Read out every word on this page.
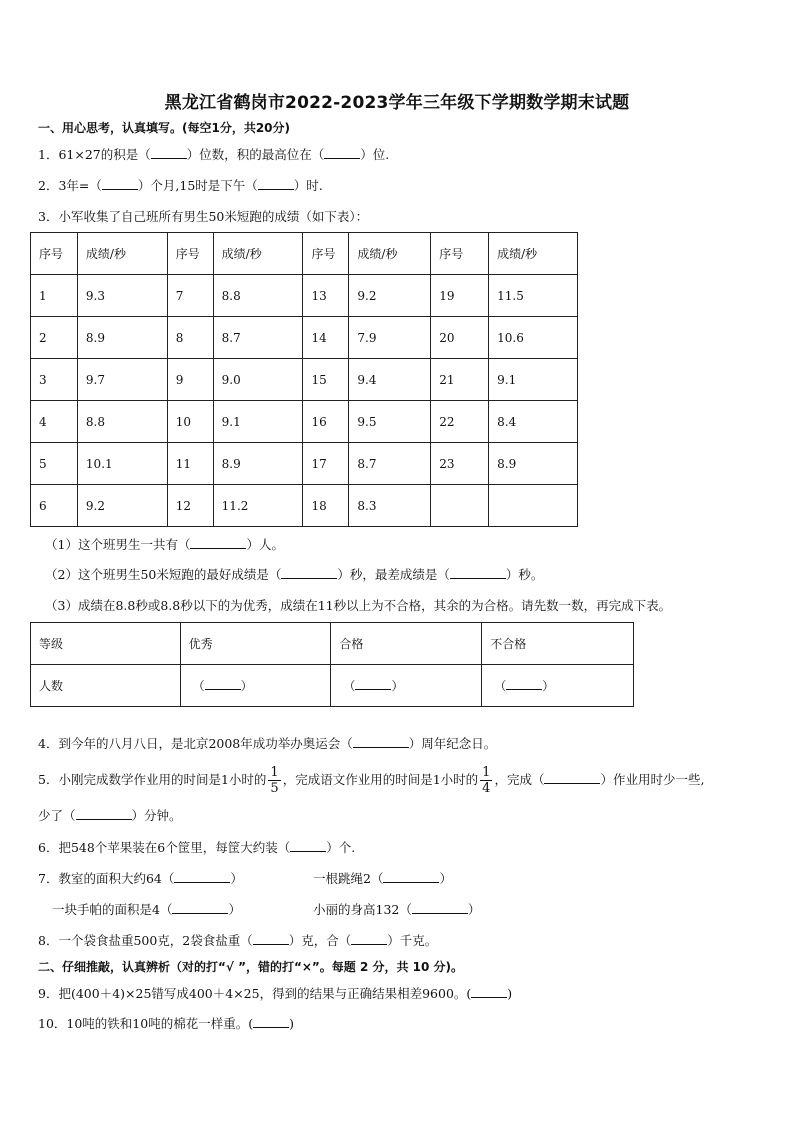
黑龙江省鹤岗市2022-2023学年三年级下学期数学期末试题
一、用心思考，认真填写。(每空1分，共20分)
1．61×27的积是（	）位数，积的最高位在（	）位.
2．3年=（	）个月,15时是下午（	）时.
3．小军收集了自己班所有男生50米短跑的成绩（如下表）：
序号	成绩/秒	序号	成绩/秒	序号	成绩/秒	序号	成绩/秒
1	9.3	7	8.8	13	9.2	19	11.5
2	8.9	8	8.7	14	7.9	20	10.6
3	9.7	9	9.0	15	9.4	21	9.1
4	8.8	10	9.1	16	9.5	22	8.4
5	10.1	11	8.9	17	8.7	23	8.9
6	9.2	12	11.2	18	8.3		
（1）这个班男生一共有（	）人。
（2）这个班男生50米短跑的最好成绩是（	）秒，最差成绩是（	）秒。
（3）成绩在8.8秒或8.8秒以下的为优秀，成绩在11秒以上为不合格，其余的为合格。请先数一数，再完成下表。
等级	优秀	合格	不合格
人数	（ ）	（ ）	（ ）
4．到今年的八月八日，是北京2008年成功举办奥运会（	）周年纪念日。
5．小刚完成数学作业用的时间是1小时的 $\frac{1}{5}$ ，完成语文作业用的时间是1小时的 $\frac{1}{4}$ ，完成（	）作业用时少一些,
少了（	）分钟。
6．把548个苹果装在6个筐里，每筐大约装（	）个.
7．教室的面积大约64（	）	一根跳绳2（	）
一块手帕的面积是4（	）	小丽的身高132（	）
8．一个袋食盐重500克，2袋食盐重（	）克，合（	）千克。
二、仔细推敲，认真辨析（对的打“√ ”，错的打“×”。每题 2 分，共 10 分)。
9．把(400＋4)×25错写成400＋4×25，得到的结果与正确结果相差9600。(	)
10．10吨的铁和10吨的棉花一样重。(	)
